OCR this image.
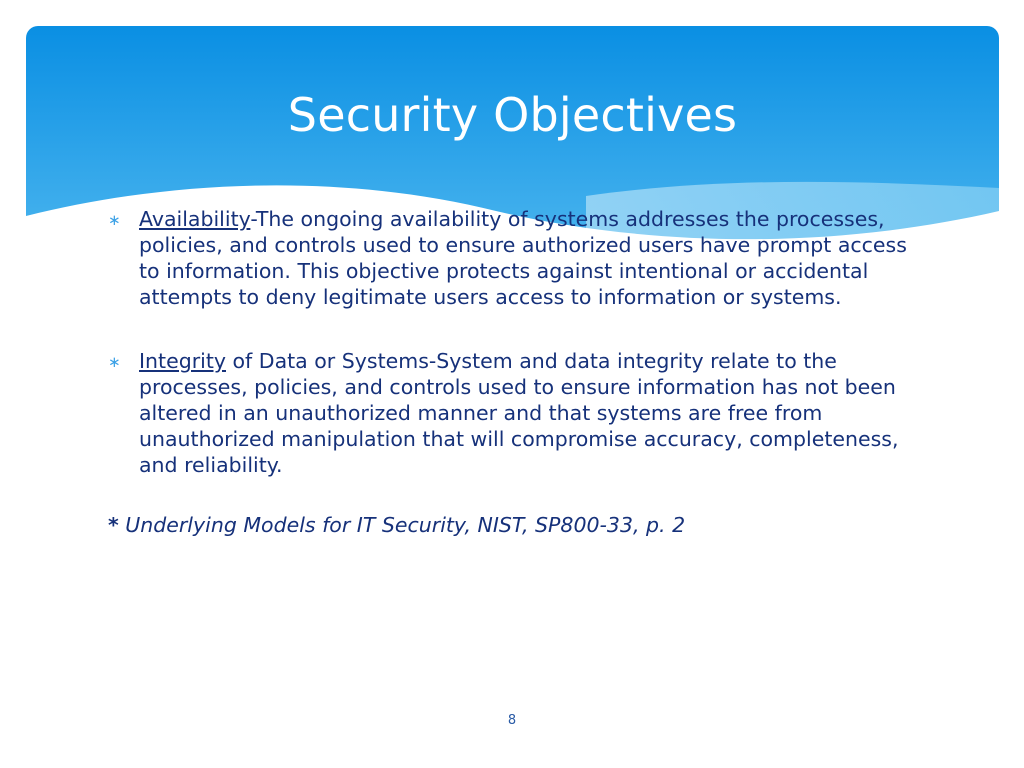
Security Objectives

∗ Availability-The ongoing availability of systems addresses the processes, policies, and controls used to ensure authorized users have prompt access to information. This objective protects against intentional or accidental attempts to deny legitimate users access to information or systems.

∗ Integrity of Data or Systems-System and data integrity relate to the processes, policies, and controls used to ensure information has not been altered in an unauthorized manner and that systems are free from unauthorized manipulation that will compromise accuracy, completeness, and reliability.

* Underlying Models for IT Security, NIST, SP800-33, p. 2

8
